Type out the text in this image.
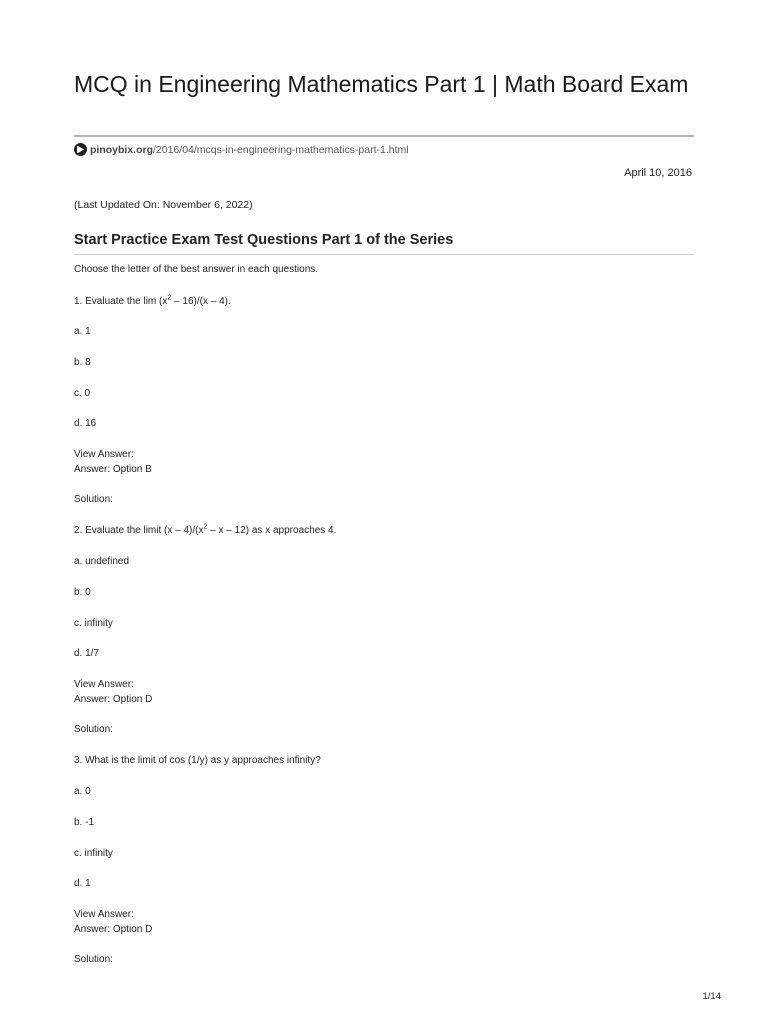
MCQ in Engineering Mathematics Part 1 | Math Board Exam
pinoybix.org /2016/04/mcqs-in-engineering-mathematics-part-1.html
April 10, 2016
(Last Updated On: November 6, 2022)
Start Practice Exam Test Questions Part 1 of the Series
Choose the letter of the best answer in each questions.
1. Evaluate the $\lim (x^2 - 16)/(x - 4)$.
a. 1
b. 8
c. 0
d. 16
View Answer:
Answer: Option B
Solution:
2. Evaluate the limit $(x - 4)/(x^2$ – x – 12) as x approaches 4.
a. undefined
b. 0
c. infinity
d. 1/7
View Answer:
Answer: Option D
Solution:
3. What is the limit of cos (1/y) as y approaches infinity?
a. 0
b. -1
c. infinity
d. 1
View Answer:
Answer: Option D
Solution:
1/14
